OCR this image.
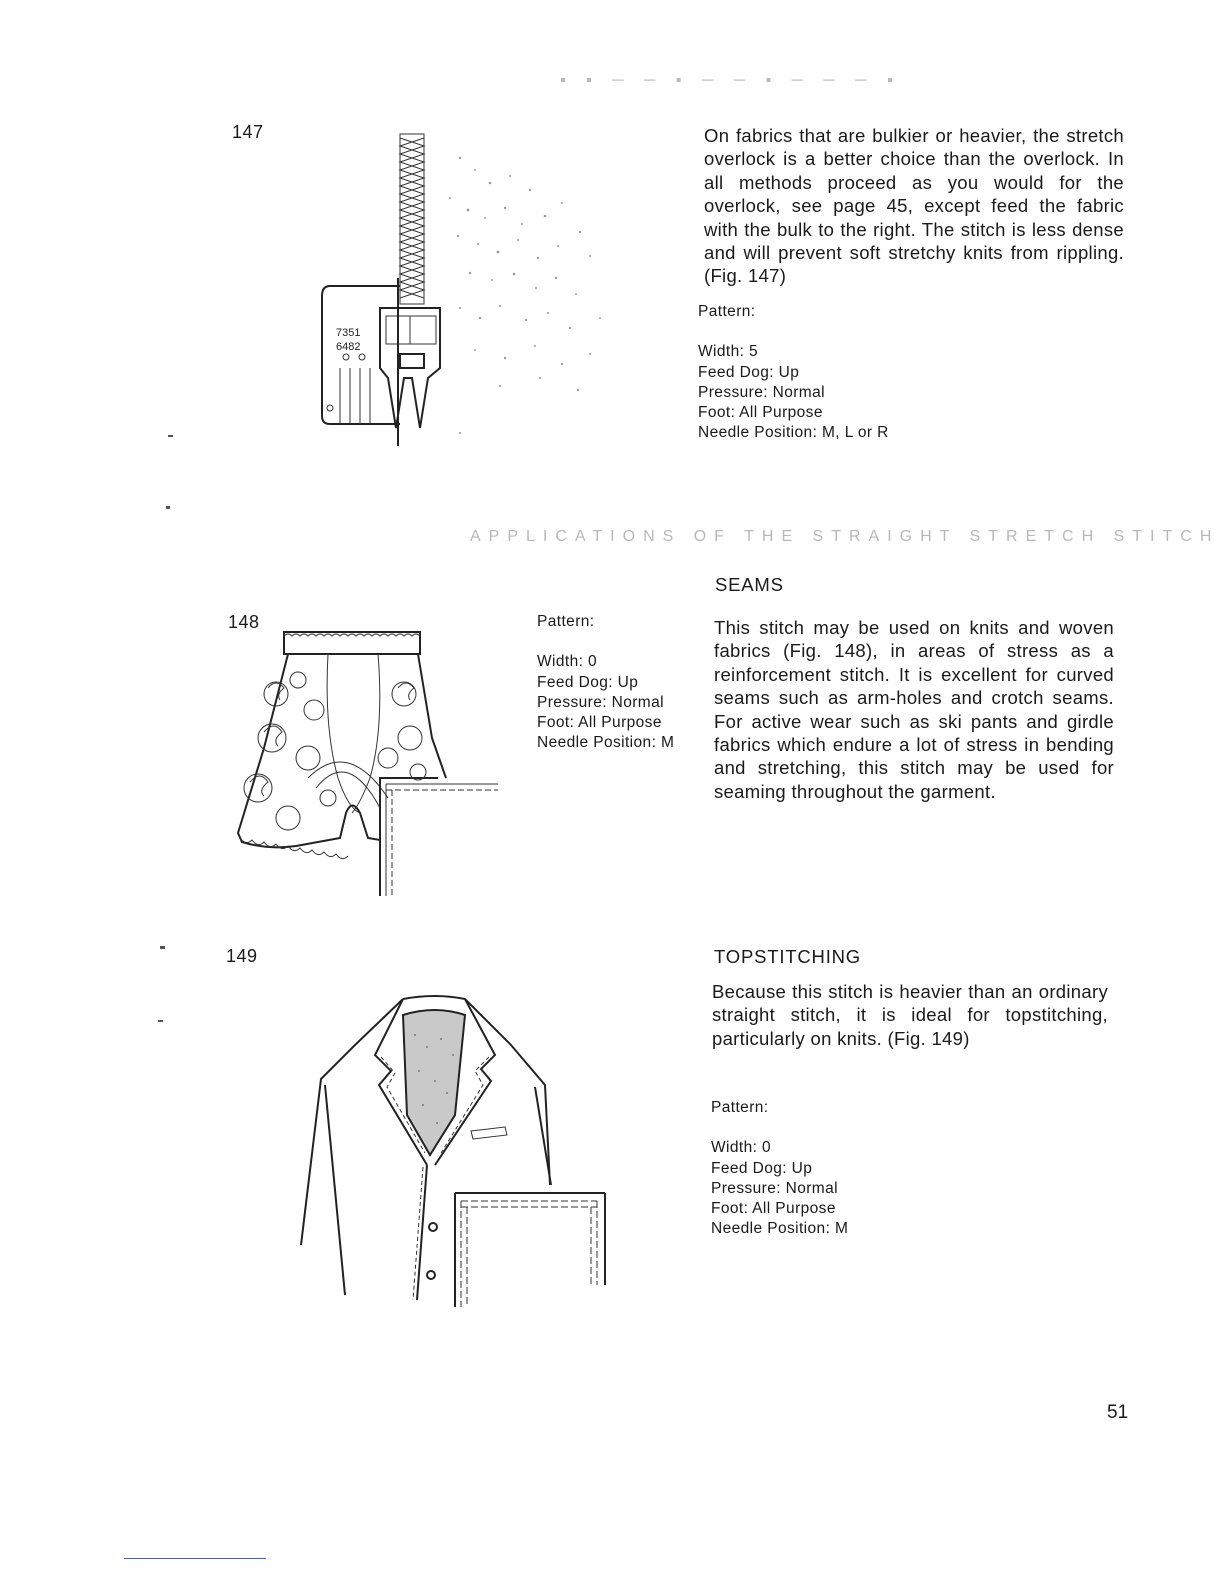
▪ ▪ ─ ─ ▪ ─ ─ ▪ ─ ─ ─ ▪
APPLICATIONS OF THE STRAIGHT STRETCH STITCH
147
7351
6482
On fabrics that are bulkier or heavier, the stretch overlock is a better choice than the overlock. In all methods proceed as you would for the overlock, see page 45, except feed the fabric with the bulk to the right. The stitch is less dense and will prevent soft stretchy knits from rippling. (Fig. 147)
Pattern:
Width: 5
Feed Dog: Up
Pressure: Normal
Foot: All Purpose
Needle Position: M, L or R
SEAMS
148	Pattern:
Width: 0
Feed Dog: Up
Pressure: Normal
Foot: All Purpose
Needle Position: M
This stitch may be used on knits and woven fabrics (Fig. 148), in areas of stress as a reinforcement stitch. It is excellent for curved seams such as arm-holes and crotch seams. For active wear such as ski pants and girdle fabrics which endure a lot of stress in bending and stretching, this stitch may be used for seaming throughout the garment.
149	TOPSTITCHING
Because this stitch is heavier than an ordinary straight stitch, it is ideal for topstitching, particularly on knits. (Fig. 149)
Pattern:
Width: 0
Feed Dog: Up
Pressure: Normal
Foot: All Purpose
Needle Position: M
51
